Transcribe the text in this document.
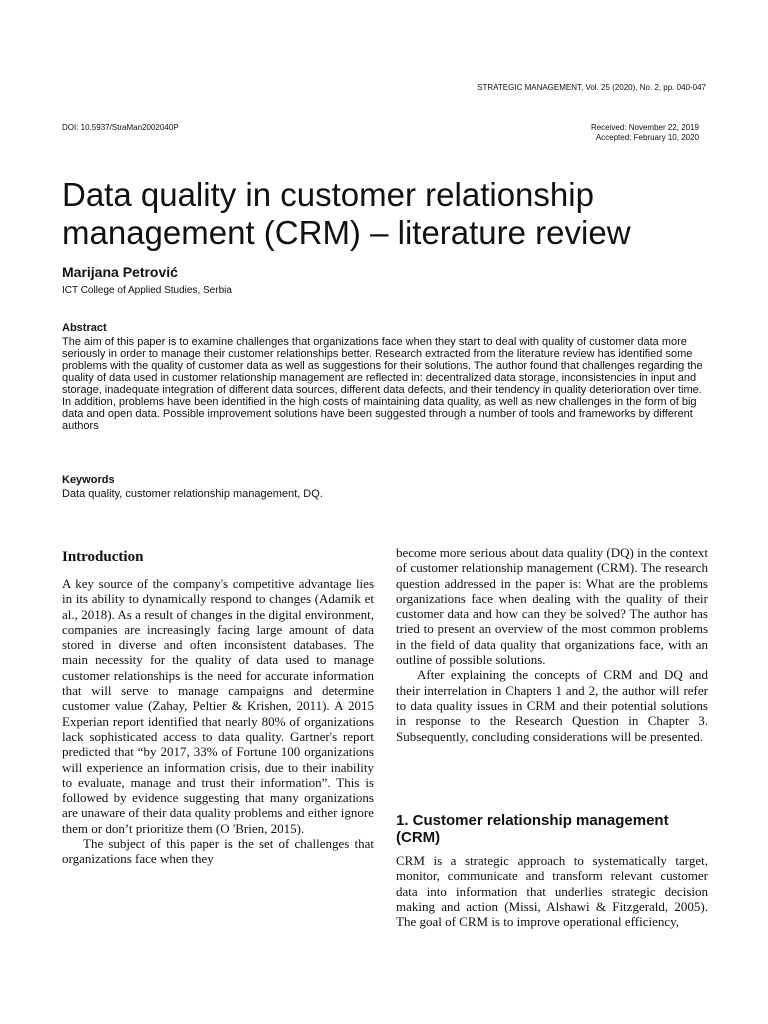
STRATEGIC MANAGEMENT, Vol. 25 (2020), No. 2, pp. 040-047
DOI: 10.5937/StraMan2002040P	Received: November 22, 2019
Accepted: February 10, 2020
Data quality in customer relationship management (CRM) – literature review
Marijana Petrović
ICT College of Applied Studies, Serbia
Abstract

The aim of this paper is to examine challenges that organizations face when they start to deal with quality of customer data more seriously in order to manage their customer relationships better. Research extracted from the literature review has identified some problems with the quality of customer data as well as suggestions for their solutions. The author found that challenges regarding the quality of data used in customer relationship management are reflected in: decentralized data storage, inconsistencies in input and storage, inadequate integration of different data sources, different data defects, and their tendency in quality deterioration over time. In addition, problems have been identified in the high costs of maintaining data quality, as well as new challenges in the form of big data and open data. Possible improvement solutions have been suggested through a number of tools and frameworks by different authors

Keywords
Data quality, customer relationship management, DQ.
Introduction

A key source of the company's competitive advantage lies in its ability to dynamically respond to changes (Adamik et al., 2018). As a result of changes in the digital environment, companies are increasingly facing large amount of data stored in diverse and often inconsistent databases. The main necessity for the quality of data used to manage customer relationships is the need for accurate information that will serve to manage campaigns and determine customer value (Zahay, Peltier & Krishen, 2011). A 2015 Experian report identified that nearly 80% of organizations lack sophisticated access to data quality. Gartner's report predicted that “by 2017, 33% of Fortune 100 organizations will experience an information crisis, due to their inability to evaluate, manage and trust their information”. This is followed by evidence suggesting that many organizations are unaware of their data quality problems and either ignore them or don’t prioritize them (O 'Brien, 2015).

The subject of this paper is the set of challenges that organizations face when they

become more serious about data quality (DQ) in the context of customer relationship management (CRM). The research question addressed in the paper is: What are the problems organizations face when dealing with the quality of their customer data and how can they be solved? The author has tried to present an overview of the most common problems in the field of data quality that organizations face, with an outline of possible solutions.

After explaining the concepts of CRM and DQ and their interrelation in Chapters 1 and 2, the author will refer to data quality issues in CRM and their potential solutions in response to the Research Question in Chapter 3. Subsequently, concluding considerations will be presented.

1. Customer relationship management (CRM)

CRM is a strategic approach to systematically target, monitor, communicate and transform relevant customer data into information that underlies strategic decision making and action (Missi, Alshawi & Fitzgerald, 2005). The goal of CRM is to improve operational efficiency,
